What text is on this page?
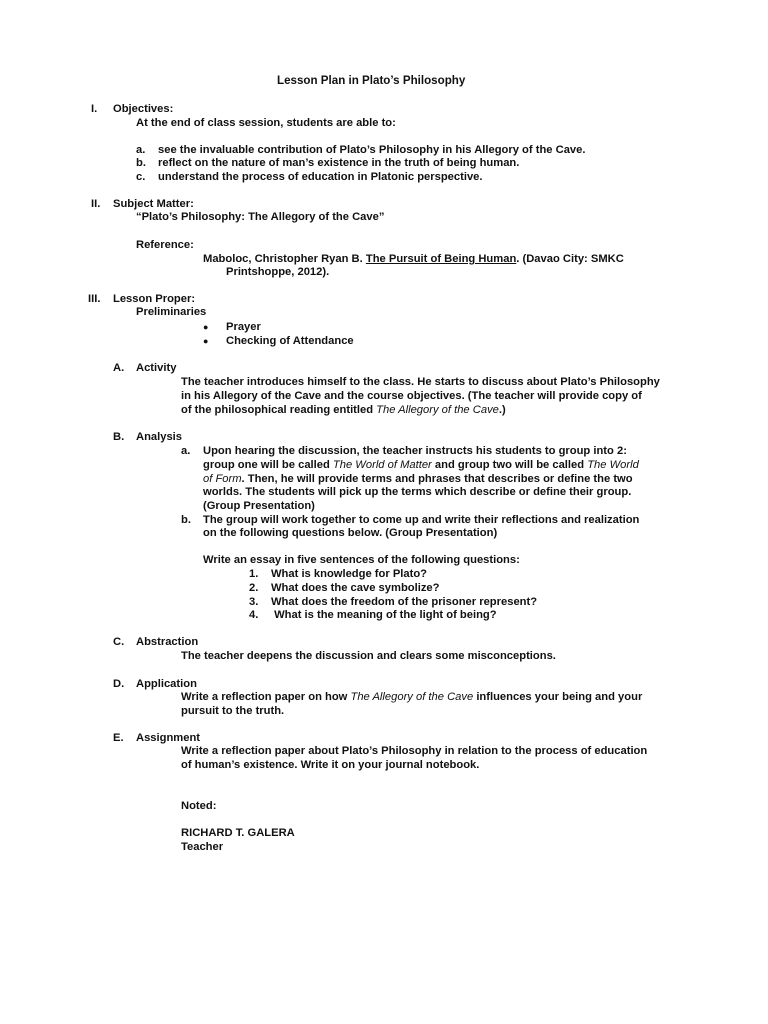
Lesson Plan in Plato’s Philosophy
I. Objectives:
At the end of class session, students are able to:
a. see the invaluable contribution of Plato’s Philosophy in his Allegory of the Cave.
b. reflect on the nature of man’s existence in the truth of being human.
c. understand the process of education in Platonic perspective.
II. Subject Matter:
“Plato’s Philosophy: The Allegory of the Cave”
Reference:
Maboloc, Christopher Ryan B. The Pursuit of Being Human. (Davao City: SMKC
Printshoppe, 2012).
III. Lesson Proper:
Preliminaries
● Prayer
● Checking of Attendance
A. Activity
The teacher introduces himself to the class. He starts to discuss about Plato’s Philosophy
in his Allegory of the Cave and the course objectives. (The teacher will provide copy of
of the philosophical reading entitled The Allegory of the Cave.)
B. Analysis
a. Upon hearing the discussion, the teacher instructs his students to group into 2:
group one will be called The World of Matter and group two will be called The World
of Form. Then, he will provide terms and phrases that describes or define the two
worlds. The students will pick up the terms which describe or define their group.
(Group Presentation)
b. The group will work together to come up and write their reflections and realization
on the following questions below. (Group Presentation)
Write an essay in five sentences of the following questions:
1. What is knowledge for Plato?
2. What does the cave symbolize?
3. What does the freedom of the prisoner represent?
4. What is the meaning of the light of being?
C. Abstraction
The teacher deepens the discussion and clears some misconceptions.
D. Application
Write a reflection paper on how The Allegory of the Cave influences your being and your
pursuit to the truth.
E. Assignment
Write a reflection paper about Plato’s Philosophy in relation to the process of education
of human’s existence. Write it on your journal notebook.
Noted:
RICHARD T. GALERA
Teacher
